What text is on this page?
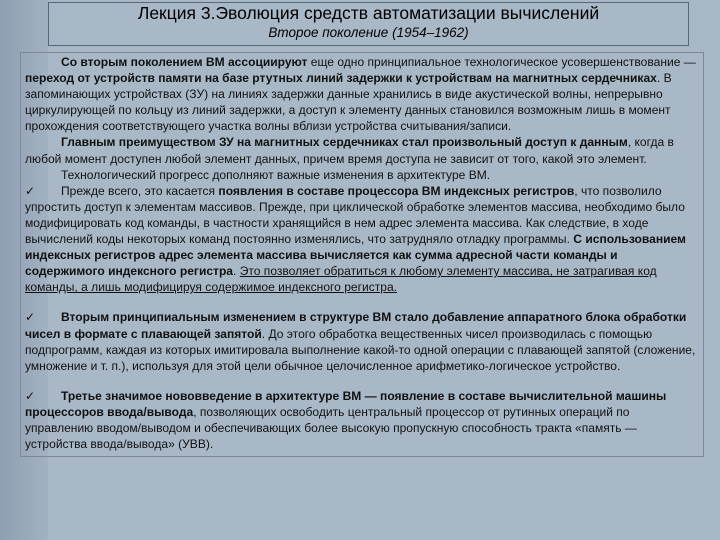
Лекция 3.Эволюция средств автоматизации вычислений
Второе поколение (1954–1962)

Со вторым поколением ВМ ассоциируют еще одно принципиальное технологическое усовершенствование — переход от устройств памяти на базе ртутных линий задержки к устройствам на магнитных сердечниках. В запоминающих устройствах (ЗУ) на линиях задержки данные хранились в виде акустической волны, непрерывно циркулирующей по кольцу из линий задержки, а доступ к элементу данных становился возможным лишь в момент прохождения соответствующего участка волны вблизи устройства считывания/записи.

Главным преимуществом ЗУ на магнитных сердечниках стал произвольный доступ к данным, когда в любой момент доступен любой элемент данных, причем время доступа не зависит от того, какой это элемент.

Технологический прогресс дополняют важные изменения в архитектуре ВМ.

✓ Прежде всего, это касается появления в составе процессора ВМ индексных регистров, что позволило упростить доступ к элементам массивов. Прежде, при циклической обработке элементов массива, необходимо было модифицировать код команды, в частности хранящийся в нем адрес элемента массива. Как следствие, в ходе вычислений коды некоторых команд постоянно изменялись, что затрудняло отладку программы. С использованием индексных регистров адрес элемента массива вычисляется как сумма адресной части команды и содержимого индексного регистра. Это позволяет обратиться к любому элементу массива, не затрагивая код команды, а лишь модифицируя содержимое индексного регистра.

✓ Вторым принципиальным изменением в структуре ВМ стало добавление аппаратного блока обработки чисел в формате с плавающей запятой. До этого обработка вещественных чисел производилась с помощью подпрограмм, каждая из которых имитировала выполнение какой-то одной операции с плавающей запятой (сложение, умножение и т. п.), используя для этой цели обычное целочисленное арифметико-логическое устройство.

✓ Третье значимое нововведение в архитектуре ВМ — появление в составе вычислительной машины процессоров ввода/вывода, позволяющих освободить центральный процессор от рутинных операций по управлению вводом/выводом и обеспечивающих более высокую пропускную способность тракта «память — устройства ввода/вывода» (УВВ).
